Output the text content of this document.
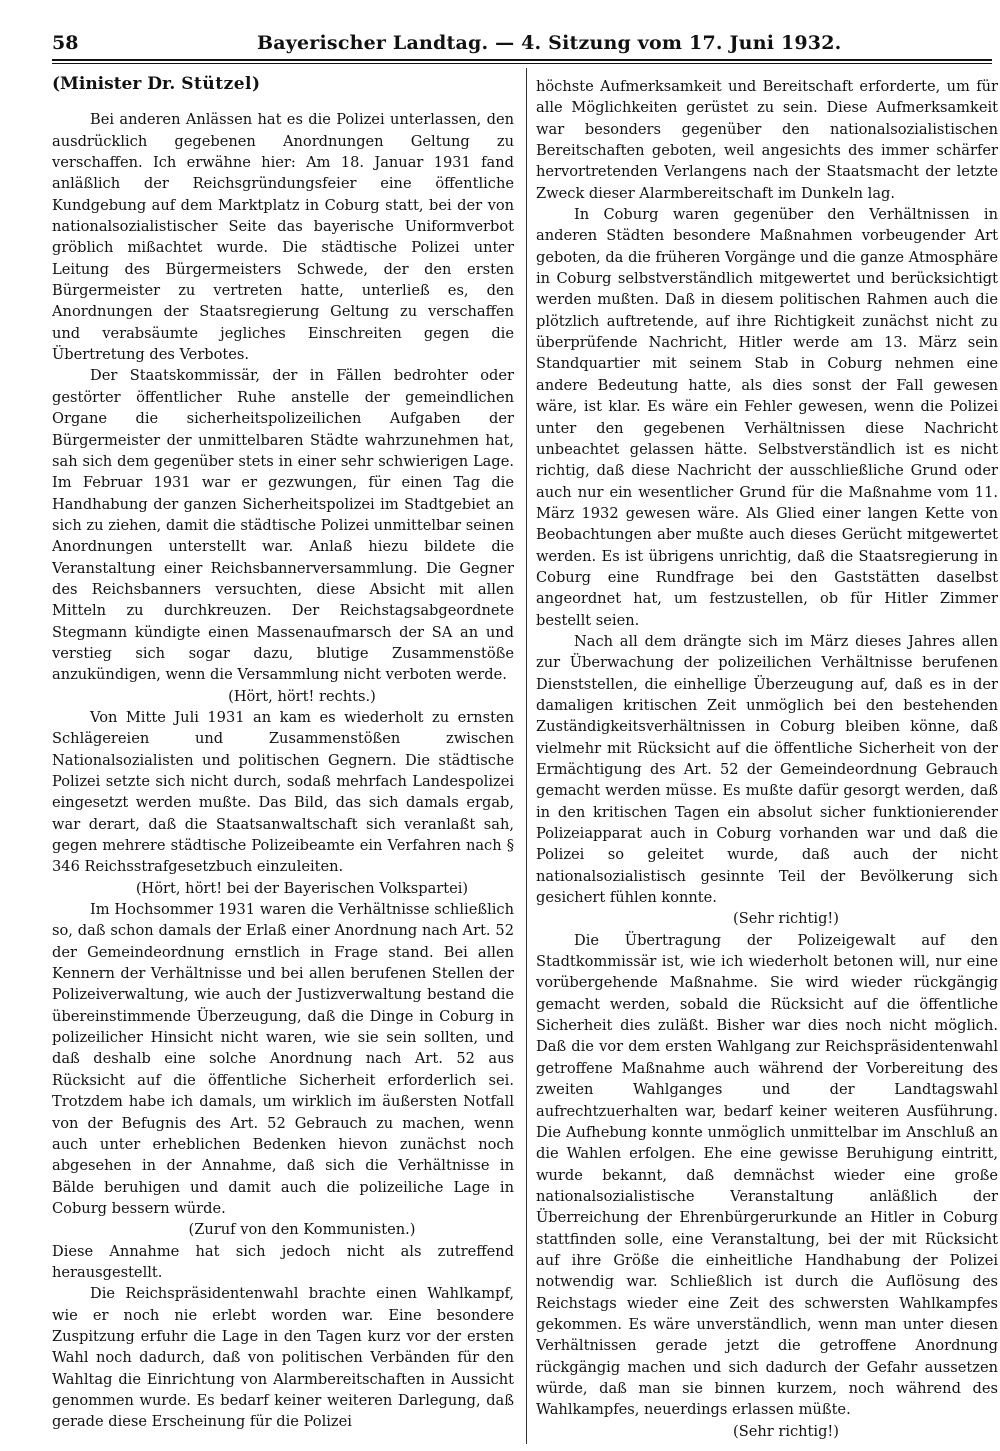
58	Bayerischer Landtag. — 4. Sitzung vom 17. Juni 1932.
(Minister Dr. Stützel)

Bei anderen Anlässen hat es die Polizei unterlassen, den ausdrücklich gegebenen Anordnungen Geltung zu verschaffen. Ich erwähne hier: Am 18. Januar 1931 fand anläßlich der Reichsgründungsfeier eine öffentliche Kundgebung auf dem Marktplatz in Coburg statt, bei der von nationalsozialistischer Seite das bayerische Uniformverbot gröblich mißachtet wurde. Die städtische Polizei unter Leitung des Bürgermeisters Schwede, der den ersten Bürgermeister zu vertreten hatte, unterließ es, den Anordnungen der Staatsregierung Geltung zu verschaffen und verabsäumte jegliches Einschreiten gegen die Übertretung des Verbotes.

Der Staatskommissär, der in Fällen bedrohter oder gestörter öffentlicher Ruhe anstelle der gemeindlichen Organe die sicherheitspolizeilichen Aufgaben der Bürgermeister der unmittelbaren Städte wahrzunehmen hat, sah sich dem gegenüber stets in einer sehr schwierigen Lage. Im Februar 1931 war er gezwungen, für einen Tag die Handhabung der ganzen Sicherheitspolizei im Stadtgebiet an sich zu ziehen, damit die städtische Polizei unmittelbar seinen Anordnungen unterstellt war. Anlaß hiezu bildete die Veranstaltung einer Reichsbannerversammlung. Die Gegner des Reichsbanners versuchten, diese Absicht mit allen Mitteln zu durchkreuzen. Der Reichstagsabgeordnete Stegmann kündigte einen Massenaufmarsch der SA an und verstieg sich sogar dazu, blutige Zusammenstöße anzukündigen, wenn die Versammlung nicht verboten werde.

(Hört, hört! rechts.)

Von Mitte Juli 1931 an kam es wiederholt zu ernsten Schlägereien und Zusammenstößen zwischen Nationalsozialisten und politischen Gegnern. Die städtische Polizei setzte sich nicht durch, sodaß mehrfach Landespolizei eingesetzt werden mußte. Das Bild, das sich damals ergab, war derart, daß die Staatsanwaltschaft sich veranlaßt sah, gegen mehrere städtische Polizeibeamte ein Verfahren nach § 346 Reichsstrafgesetzbuch einzuleiten.

(Hört, hört! bei der Bayerischen Volkspartei)

Im Hochsommer 1931 waren die Verhältnisse schließlich so, daß schon damals der Erlaß einer Anordnung nach Art. 52 der Gemeindeordnung ernstlich in Frage stand. Bei allen Kennern der Verhältnisse und bei allen berufenen Stellen der Polizeiverwaltung, wie auch der Justizverwaltung bestand die übereinstimmende Überzeugung, daß die Dinge in Coburg in polizeilicher Hinsicht nicht waren, wie sie sein sollten, und daß deshalb eine solche Anordnung nach Art. 52 aus Rücksicht auf die öffentliche Sicherheit erforderlich sei. Trotzdem habe ich damals, um wirklich im äußersten Notfall von der Befugnis des Art. 52 Gebrauch zu machen, wenn auch unter erheblichen Bedenken hievon zunächst noch abgesehen in der Annahme, daß sich die Verhältnisse in Bälde beruhigen und damit auch die polizeiliche Lage in Coburg bessern würde.

(Zuruf von den Kommunisten.)

Diese Annahme hat sich jedoch nicht als zutreffend herausgestellt.

Die Reichspräsidentenwahl brachte einen Wahlkampf, wie er noch nie erlebt worden war. Eine besondere Zuspitzung erfuhr die Lage in den Tagen kurz vor der ersten Wahl noch dadurch, daß von politischen Verbänden für den Wahltag die Einrichtung von Alarmbereitschaften in Aussicht genommen wurde. Es bedarf keiner weiteren Darlegung, daß gerade diese Erscheinung für die Polizei

höchste Aufmerksamkeit und Bereitschaft erforderte, um für alle Möglichkeiten gerüstet zu sein. Diese Aufmerksamkeit war besonders gegenüber den nationalsozialistischen Bereitschaften geboten, weil angesichts des immer schärfer hervortretenden Verlangens nach der Staatsmacht der letzte Zweck dieser Alarmbereitschaft im Dunkeln lag.

In Coburg waren gegenüber den Verhältnissen in anderen Städten besondere Maßnahmen vorbeugender Art geboten, da die früheren Vorgänge und die ganze Atmosphäre in Coburg selbstverständlich mitgewertet und berücksichtigt werden mußten. Daß in diesem politischen Rahmen auch die plötzlich auftretende, auf ihre Richtigkeit zunächst nicht zu überprüfende Nachricht, Hitler werde am 13. März sein Standquartier mit seinem Stab in Coburg nehmen eine andere Bedeutung hatte, als dies sonst der Fall gewesen wäre, ist klar. Es wäre ein Fehler gewesen, wenn die Polizei unter den gegebenen Verhältnissen diese Nachricht unbeachtet gelassen hätte. Selbstverständlich ist es nicht richtig, daß diese Nachricht der ausschließliche Grund oder auch nur ein wesentlicher Grund für die Maßnahme vom 11. März 1932 gewesen wäre. Als Glied einer langen Kette von Beobachtungen aber mußte auch dieses Gerücht mitgewertet werden. Es ist übrigens unrichtig, daß die Staatsregierung in Coburg eine Rundfrage bei den Gaststätten daselbst angeordnet hat, um festzustellen, ob für Hitler Zimmer bestellt seien.

Nach all dem drängte sich im März dieses Jahres allen zur Überwachung der polizeilichen Verhältnisse berufenen Dienststellen, die einhellige Überzeugung auf, daß es in der damaligen kritischen Zeit unmöglich bei den bestehenden Zuständigkeitsverhältnissen in Coburg bleiben könne, daß vielmehr mit Rücksicht auf die öffentliche Sicherheit von der Ermächtigung des Art. 52 der Gemeindeordnung Gebrauch gemacht werden müsse. Es mußte dafür gesorgt werden, daß in den kritischen Tagen ein absolut sicher funktionierender Polizeiapparat auch in Coburg vorhanden war und daß die Polizei so geleitet wurde, daß auch der nicht nationalsozialistisch gesinnte Teil der Bevölkerung sich gesichert fühlen konnte.

(Sehr richtig!)

Die Übertragung der Polizeigewalt auf den Stadtkommissär ist, wie ich wiederholt betonen will, nur eine vorübergehende Maßnahme. Sie wird wieder rückgängig gemacht werden, sobald die Rücksicht auf die öffentliche Sicherheit dies zuläßt. Bisher war dies noch nicht möglich. Daß die vor dem ersten Wahlgang zur Reichspräsidentenwahl getroffene Maßnahme auch während der Vorbereitung des zweiten Wahlganges und der Landtagswahl aufrechtzuerhalten war, bedarf keiner weiteren Ausführung. Die Aufhebung konnte unmöglich unmittelbar im Anschluß an die Wahlen erfolgen. Ehe eine gewisse Beruhigung eintritt, wurde bekannt, daß demnächst wieder eine große nationalsozialistische Veranstaltung anläßlich der Überreichung der Ehrenbürgerurkunde an Hitler in Coburg stattfinden solle, eine Veranstaltung, bei der mit Rücksicht auf ihre Größe die einheitliche Handhabung der Polizei notwendig war. Schließlich ist durch die Auflösung des Reichstags wieder eine Zeit des schwersten Wahlkampfes gekommen. Es wäre unverständlich, wenn man unter diesen Verhältnissen gerade jetzt die getroffene Anordnung rückgängig machen und sich dadurch der Gefahr aussetzen würde, daß man sie binnen kurzem, noch während des Wahlkampfes, neuerdings erlassen müßte.

(Sehr richtig!)
